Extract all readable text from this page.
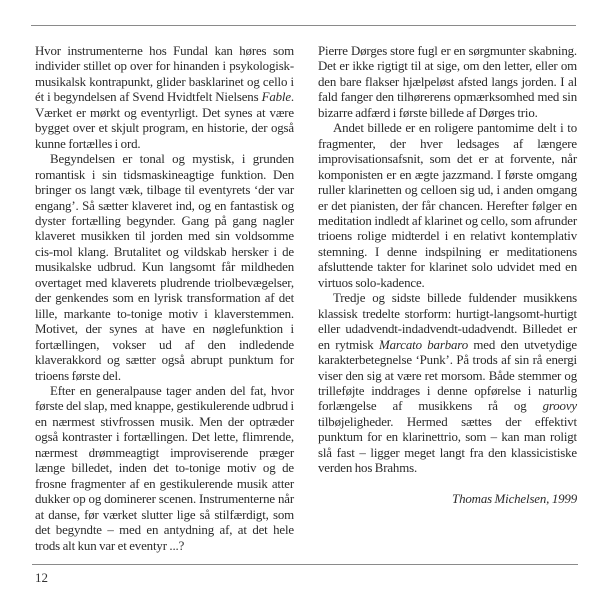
Hvor instrumenterne hos Fundal kan høres som individer stillet op over for hinanden i psykologisk-musikalsk kontrapunkt, glider basklarinet og cello i ét i begyndelsen af Svend Hvidtfelt Nielsens Fable. Værket er mørkt og eventyrligt. Det synes at være bygget over et skjult program, en historie, der også kunne fortælles i ord.

Begyndelsen er tonal og mystisk, i grunden romantisk i sin tidsmaskineagtige funktion. Den bringer os langt væk, tilbage til eventyrets ‘der var engang’. Så sætter klaveret ind, og en fantastisk og dyster fortælling begynder. Gang på gang nagler klaveret musikken til jorden med sin voldsomme cis-mol klang. Brutalitet og vildskab hersker i de musikalske udbrud. Kun langsomt får mildheden overtaget med klaverets pludrende triolbevægelser, der genkendes som en lyrisk transformation af det lille, markante to-tonige motiv i klaverstemmen. Motivet, der synes at have en nøglefunktion i fortællingen, vokser ud af den indledende klaverakkord og sætter også abrupt punktum for trioens første del.

Efter en generalpause tager anden del fat, hvor første del slap, med knappe, gestikulerende udbrud i en nærmest stivfrossen musik. Men der optræder også kontraster i fortællingen. Det lette, flimrende, nærmest drømmeagtigt improviserende præger længe billedet, inden det to-tonige motiv og de frosne fragmenter af en gestikulerende musik atter dukker op og dominerer scenen. Instrumenterne når at danse, før værket slutter lige så stilfærdigt, som det begyndte – med en antydning af, at det hele trods alt kun var et eventyr ...?

Pierre Dørges store fugl er en sørgmunter skabning. Det er ikke rigtigt til at sige, om den letter, eller om den bare flakser hjælpeløst afsted langs jorden. I al fald fanger den tilhørerens opmærksomhed med sin bizarre adfærd i første billede af Dørges trio.

Andet billede er en roligere pantomime delt i to fragmenter, der hver ledsages af længere improvisationsafsnit, som det er at forvente, når komponisten er en ægte jazzmand. I første omgang ruller klarinetten og celloen sig ud, i anden omgang er det pianisten, der får chancen. Herefter følger en meditation indledt af klarinet og cello, som afrunder trioens rolige midterdel i en relativt kontemplativ stemning. I denne indspilning er meditationens afsluttende takter for klarinet solo udvidet med en virtuos solo-kadence.

Tredje og sidste billede fuldender musikkens klassisk tredelte storform: hurtigt-langsomt-hurtigt eller udadvendt-indadvendt-udadvendt. Billedet er en rytmisk Marcato barbaro med den utvetydige karakterbetegnelse ‘Punk’. På trods af sin rå energi viser den sig at være ret morsom. Både stemmer og trilleføjte inddrages i denne opførelse i naturlig forlængelse af musikkens rå og groovy tilbøjeligheder. Hermed sættes der effektivt punktum for en klarinettrio, som – kan man roligt slå fast – ligger meget langt fra den klassicistiske verden hos Brahms.

Thomas Michelsen, 1999

12
